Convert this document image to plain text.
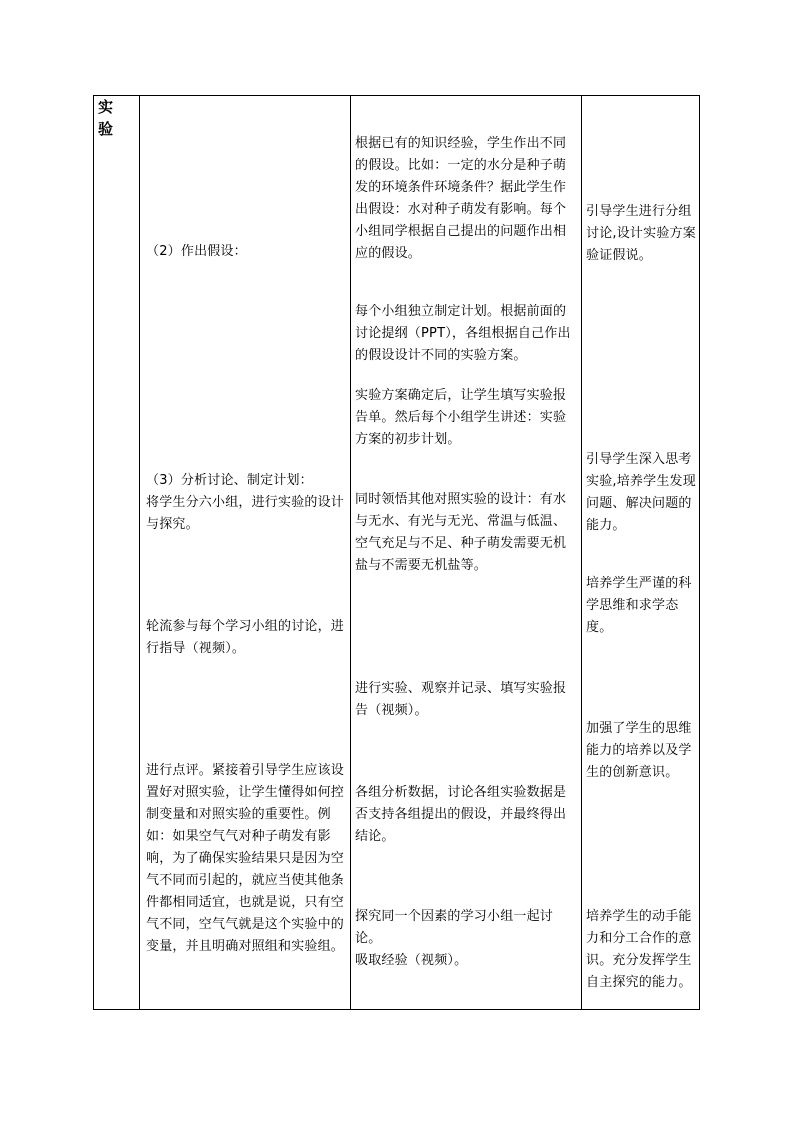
实验
（2）作出假设：
（3）分析讨论、制定计划：
将学生分六小组，进行实验的设计与探究。
轮流参与每个学习小组的讨论，进行指导（视频）。
进行点评。紧接着引导学生应该设置好对照实验，让学生懂得如何控制变量和对照实验的重要性。例如：如果空气气对种子萌发有影响，为了确保实验结果只是因为空气不同而引起的，就应当使其他条件都相同适宜，也就是说，只有空气不同，空气气就是这个实验中的变量，并且明确对照组和实验组。
根据已有的知识经验，学生作出不同的假设。比如：一定的水分是种子萌发的环境条件环境条件？据此学生作出假设：水对种子萌发有影响。每个小组同学根据自己提出的问题作出相应的假设。
每个小组独立制定计划。根据前面的讨论提纲（PPT），各组根据自己作出的假设设计不同的实验方案。
实验方案确定后，让学生填写实验报告单。然后每个小组学生讲述：实验方案的初步计划。
同时领悟其他对照实验的设计：有水与无水、有光与无光、常温与低温、空气充足与不足、种子萌发需要无机盐与不需要无机盐等。
进行实验、观察并记录、填写实验报告（视频）。
各组分析数据，讨论各组实验数据是否支持各组提出的假设，并最终得出结论。
探究同一个因素的学习小组一起讨论。
吸取经验（视频）。
引导学生进行分组讨论,设计实验方案验证假说。
引导学生深入思考实验,培养学生发现问题、解决问题的能力。
培养学生严谨的科学思维和求学态度。
加强了学生的思维能力的培养以及学生的创新意识。
培养学生的动手能力和分工合作的意识。充分发挥学生自主探究的能力。
